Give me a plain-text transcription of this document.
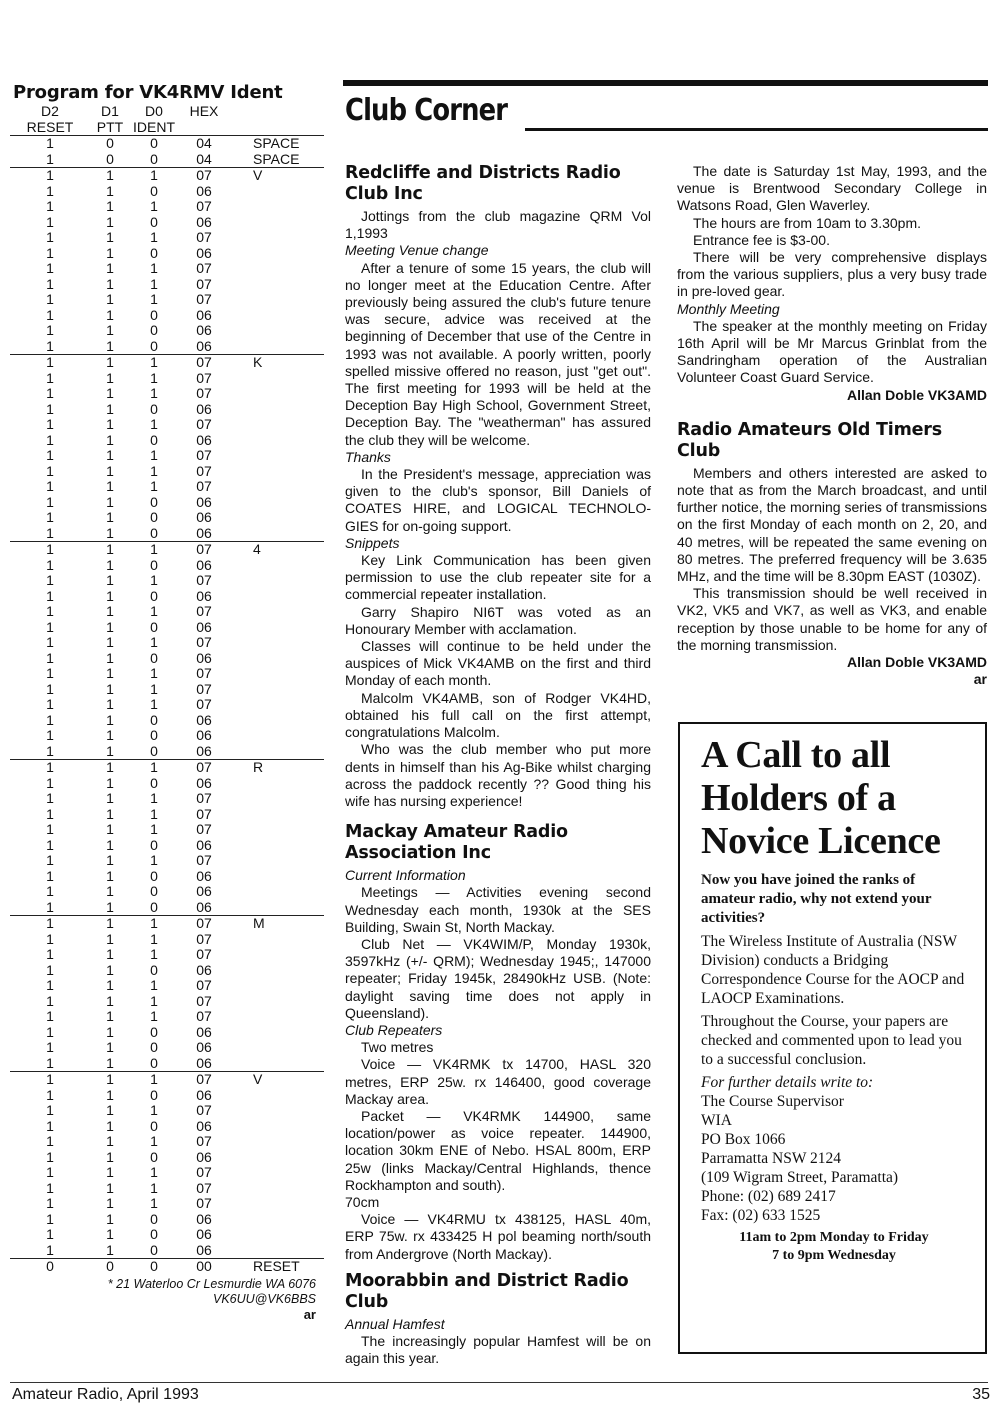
Program for VK4RMV Ident
D2	D1	D0	HEX
RESET	PTT IDENT
1	0	0	04	SPACE
1	0	0	04	SPACE
1	1	1	07	V
1	1	0	06
1	1	1	07
1	1	0	06
1	1	1	07
1	1	0	06
1	1	1	07
1	1	1	07
1	1	1	07
1	1	0	06
1	1	0	06
1	1	0	06
1	1	1	07	K
1	1	1	07
1	1	1	07
1	1	0	06
1	1	1	07
1	1	0	06
1	1	1	07
1	1	1	07
1	1	1	07
1	1	0	06
1	1	0	06
1	1	0	06
1	1	1	07	4
1	1	0	06
1	1	1	07
1	1	0	06
1	1	1	07
1	1	0	06
1	1	1	07
1	1	0	06
1	1	1	07
1	1	1	07
1	1	1	07
1	1	0	06
1	1	0	06
1	1	0	06
1	1	1	07	R
1	1	0	06
1	1	1	07
1	1	1	07
1	1	1	07
1	1	0	06
1	1	1	07
1	1	0	06
1	1	0	06
1	1	0	06
1	1	1	07	M
1	1	1	07
1	1	1	07
1	1	0	06
1	1	1	07
1	1	1	07
1	1	1	07
1	1	0	06
1	1	0	06
1	1	0	06
1	1	1	07	V
1	1	0	06
1	1	1	07
1	1	0	06
1	1	1	07
1	1	0	06
1	1	1	07
1	1	1	07
1	1	1	07
1	1	0	06
1	1	0	06
1	1	0	06
0	0	0	00	RESET
* 21 Waterloo Cr Lesmurdie WA 6076
VK6UU@VK6BBS
ar
Club Corner
Redcliffe and Districts Radio Club Inc

Jottings from the club magazine QRM Vol 1,1993

Meeting Venue change

After a tenure of some 15 years, the club will no longer meet at the Education Centre. After previously being assured the club's future tenure was secure, advice was received at the beginning of December that use of the Centre in 1993 was not available. A poorly written, poorly spelled missive offered no reason, just "get out". The first meeting for 1993 will be held at the Deception Bay High School, Government Street, Deception Bay. The "weatherman" has assured the club they will be welcome.

Thanks

In the President's message, appreciation was given to the club's sponsor, Bill Daniels of COATES HIRE, and LOGICAL TECHNOLO-GIES for on-going support.

Snippets

Key Link Communication has been given permission to use the club repeater site for a commercial repeater installation.

Garry Shapiro NI6T was voted as an Honourary Member with acclamation.

Classes will continue to be held under the auspices of Mick VK4AMB on the first and third Monday of each month.

Malcolm VK4AMB, son of Rodger VK4HD, obtained his full call on the first attempt, congratulations Malcolm.

Who was the club member who put more dents in himself than his Ag-Bike whilst charging across the paddock recently ?? Good thing his wife has nursing experience!

Mackay Amateur Radio Association Inc

Current Information

Meetings — Activities evening second Wednesday each month, 1930k at the SES Building, Swain St, North Mackay.

Club Net — VK4WIM/P, Monday 1930k, 3597kHz (+/- QRM); Wednesday 1945;, 147000 repeater; Friday 1945k, 28490kHz USB. (Note: daylight saving time does not apply in Queensland).

Club Repeaters

Two metres

Voice — VK4RMK tx 14700, HASL 320 metres, ERP 25w. rx 146400, good coverage Mackay area.

Packet — VK4RMK 144900, same location/power as voice repeater. 144900, location 30km ENE of Nebo. HSAL 800m, ERP 25w (links Mackay/Central Highlands, thence Rockhampton and south).

70cm

Voice — VK4RMU tx 438125, HASL 40m, ERP 75w. rx 433425 H pol beaming north/south from Andergrove (North Mackay).

Moorabbin and District Radio Club

Annual Hamfest

The increasingly popular Hamfest will be on again this year.

The date is Saturday 1st May, 1993, and the venue is Brentwood Secondary College in Watsons Road, Glen Waverley.

The hours are from 10am to 3.30pm.

Entrance fee is $3-00.

There will be very comprehensive displays from the various suppliers, plus a very busy trade in pre-loved gear.

Monthly Meeting

The speaker at the monthly meeting on Friday 16th April will be Mr Marcus Grinblat from the Sandringham operation of the Australian Volunteer Coast Guard Service.

Allan Doble VK3AMD

Radio Amateurs Old Timers Club

Members and others interested are asked to note that as from the March broadcast, and until further notice, the morning series of transmissions on the first Monday of each month on 2, 20, and 40 metres, will be repeated the same evening on 80 metres. The preferred frequency will be 3.635 MHz, and the time will be 8.30pm EAST (1030Z).

This transmission should be well received in VK2, VK5 and VK7, as well as VK3, and enable reception by those unable to be home for any of the morning transmission.

Allan Doble VK3AMD

ar

A Call to all Holders of a Novice Licence
Now you have joined the ranks of amateur radio, why not extend your activities?
The Wireless Institute of Australia (NSW Division) conducts a Bridging Correspondence Course for the AOCP and LAOCP Examinations.
Throughout the Course, your papers are checked and commented upon to lead you to a successful conclusion.
For further details write to:
The Course Supervisor
WIA
PO Box 1066
Parramatta NSW 2124
(109 Wigram Street, Paramatta)
Phone: (02) 689 2417
Fax: (02) 633 1525
11am to 2pm Monday to Friday
7 to 9pm Wednesday
Amateur Radio, April 1993	35
